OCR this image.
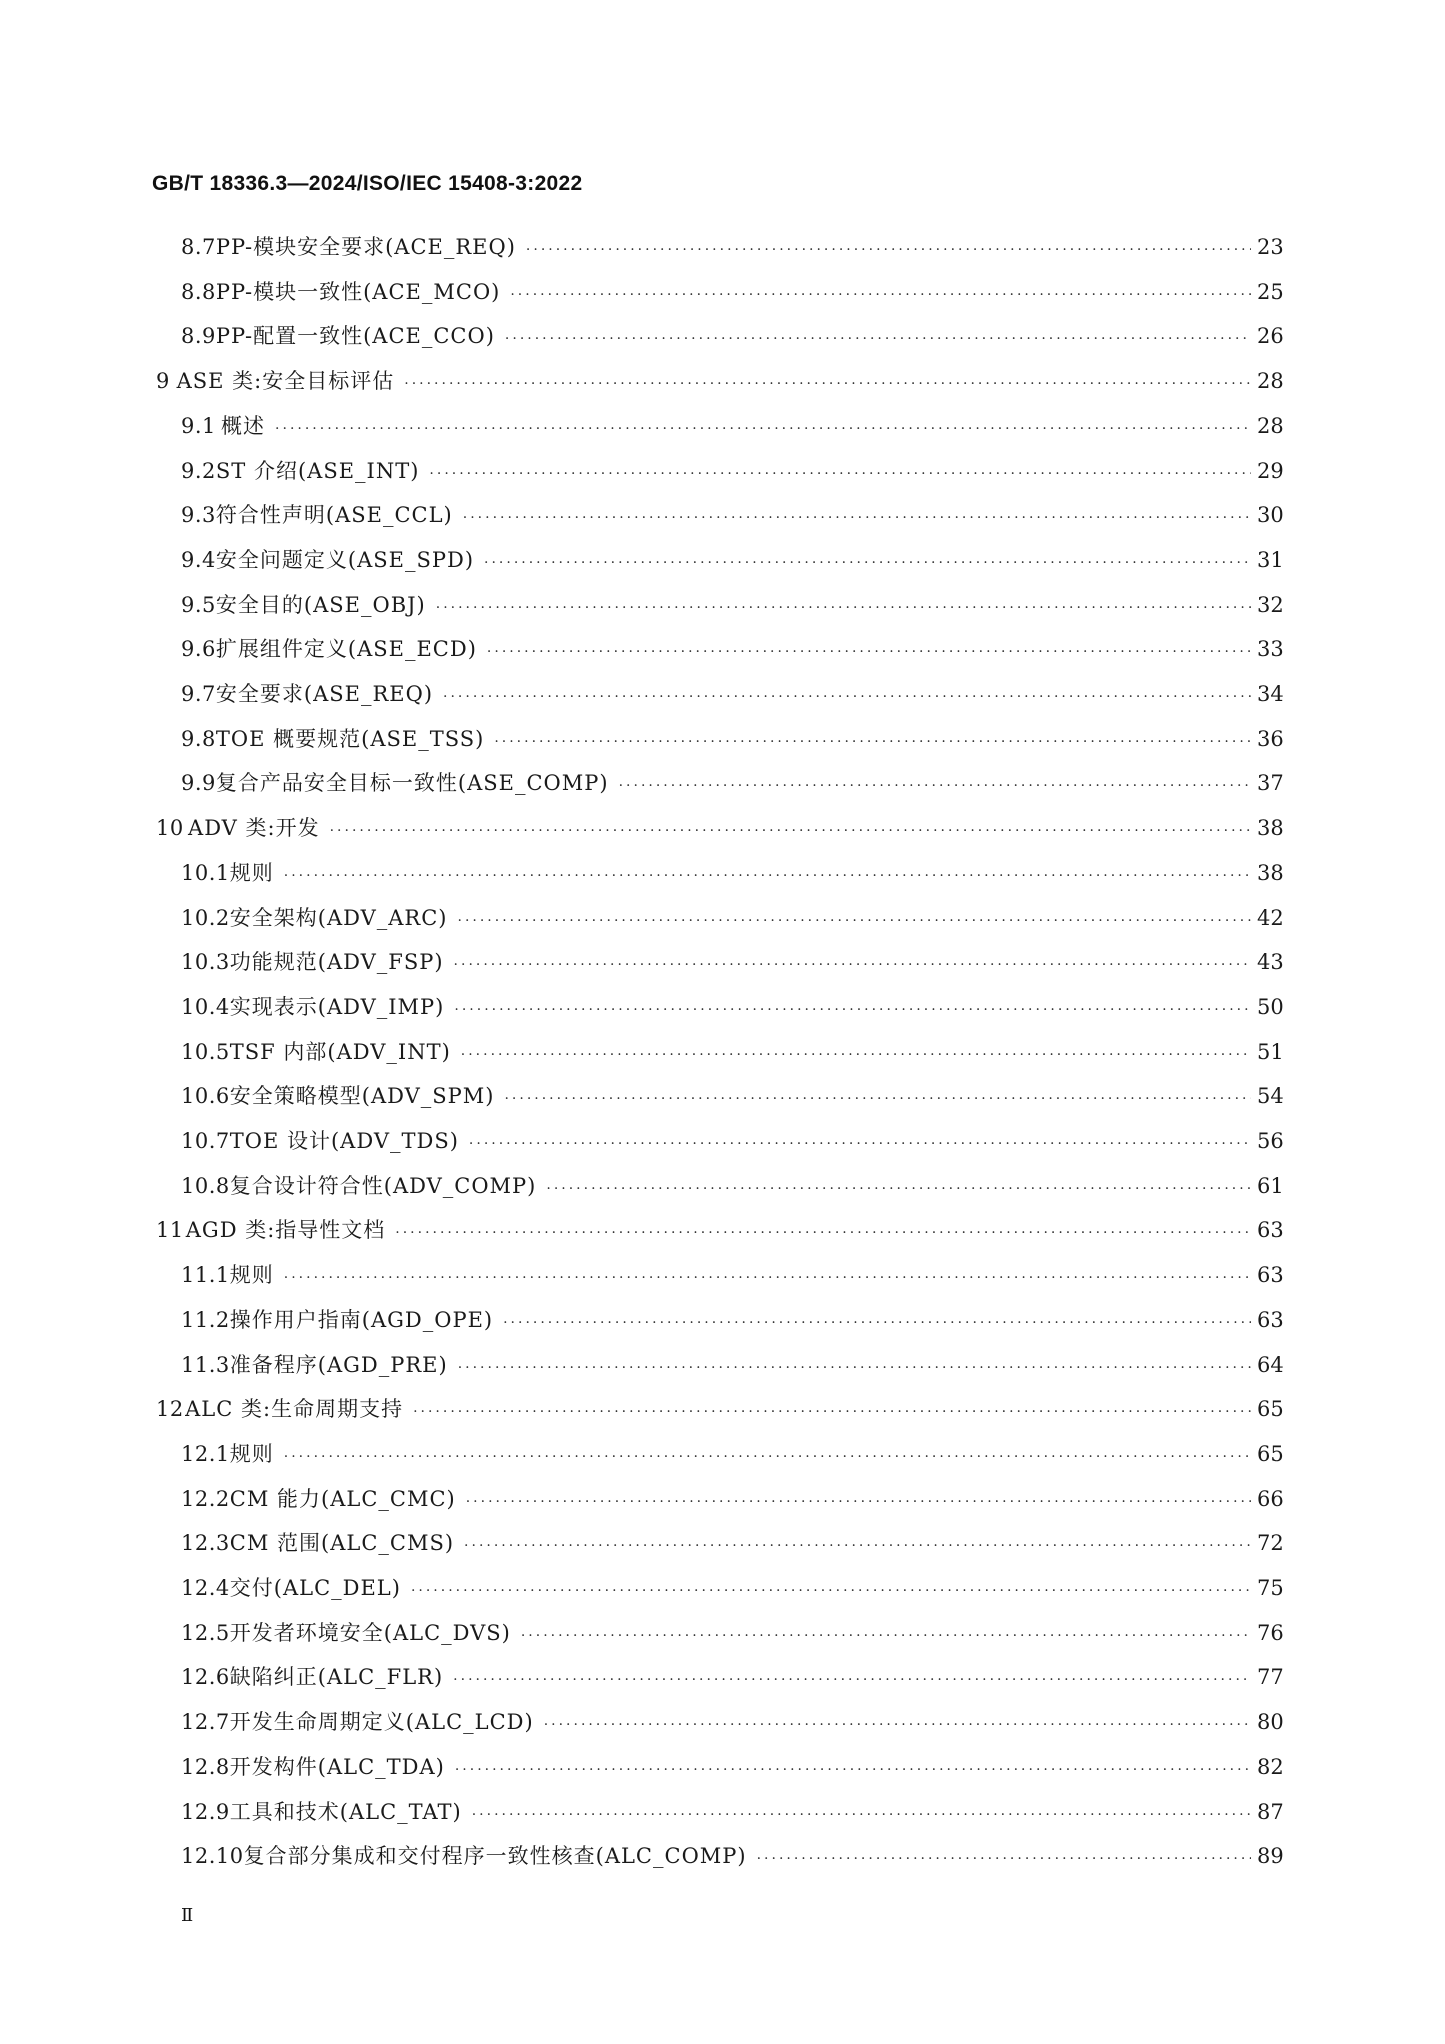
GB/T 18336.3—2024/ISO/IEC 15408-3:2022
8.7 PP-模块安全要求(ACE_REQ) ·····	23
8.8 PP-模块一致性(ACE_MCO) ·····	25
8.9 PP-配置一致性(ACE_CCO) ·····	26
9 ASE 类:安全目标评估 ·····	28
9.1 概述 ·····	28
9.2 ST 介绍(ASE_INT) ·····	29
9.3 符合性声明(ASE_CCL) ·····	30
9.4 安全问题定义(ASE_SPD) ·····	31
9.5 安全目的(ASE_OBJ) ·····	32
9.6 扩展组件定义(ASE_ECD) ·····	33
9.7 安全要求(ASE_REQ) ·····	34
9.8 TOE 概要规范(ASE_TSS) ·····	36
9.9 复合产品安全目标一致性(ASE_COMP) ·····	37
10 ADV 类:开发 ·····	38
10.1 规则 ·····	38
10.2 安全架构(ADV_ARC) ·····	42
10.3 功能规范(ADV_FSP) ·····	43
10.4 实现表示(ADV_IMP) ·····	50
10.5 TSF 内部(ADV_INT) ·····	51
10.6 安全策略模型(ADV_SPM) ·····	54
10.7 TOE 设计(ADV_TDS) ·····	56
10.8 复合设计符合性(ADV_COMP) ·····	61
11 AGD 类:指导性文档 ·····	63
11.1 规则 ·····	63
11.2 操作用户指南(AGD_OPE) ·····	63
11.3 准备程序(AGD_PRE) ·····	64
12 ALC 类:生命周期支持 ·····	65
12.1 规则 ·····	65
12.2 CM 能力(ALC_CMC) ·····	66
12.3 CM 范围(ALC_CMS) ·····	72
12.4 交付(ALC_DEL) ·····	75
12.5 开发者环境安全(ALC_DVS) ·····	76
12.6 缺陷纠正(ALC_FLR) ·····	77
12.7 开发生命周期定义(ALC_LCD) ·····	80
12.8 开发构件(ALC_TDA) ·····	82
12.9 工具和技术(ALC_TAT) ·····	87
12.10 复合部分集成和交付程序一致性核查(ALC_COMP) ·····	89
Ⅱ
